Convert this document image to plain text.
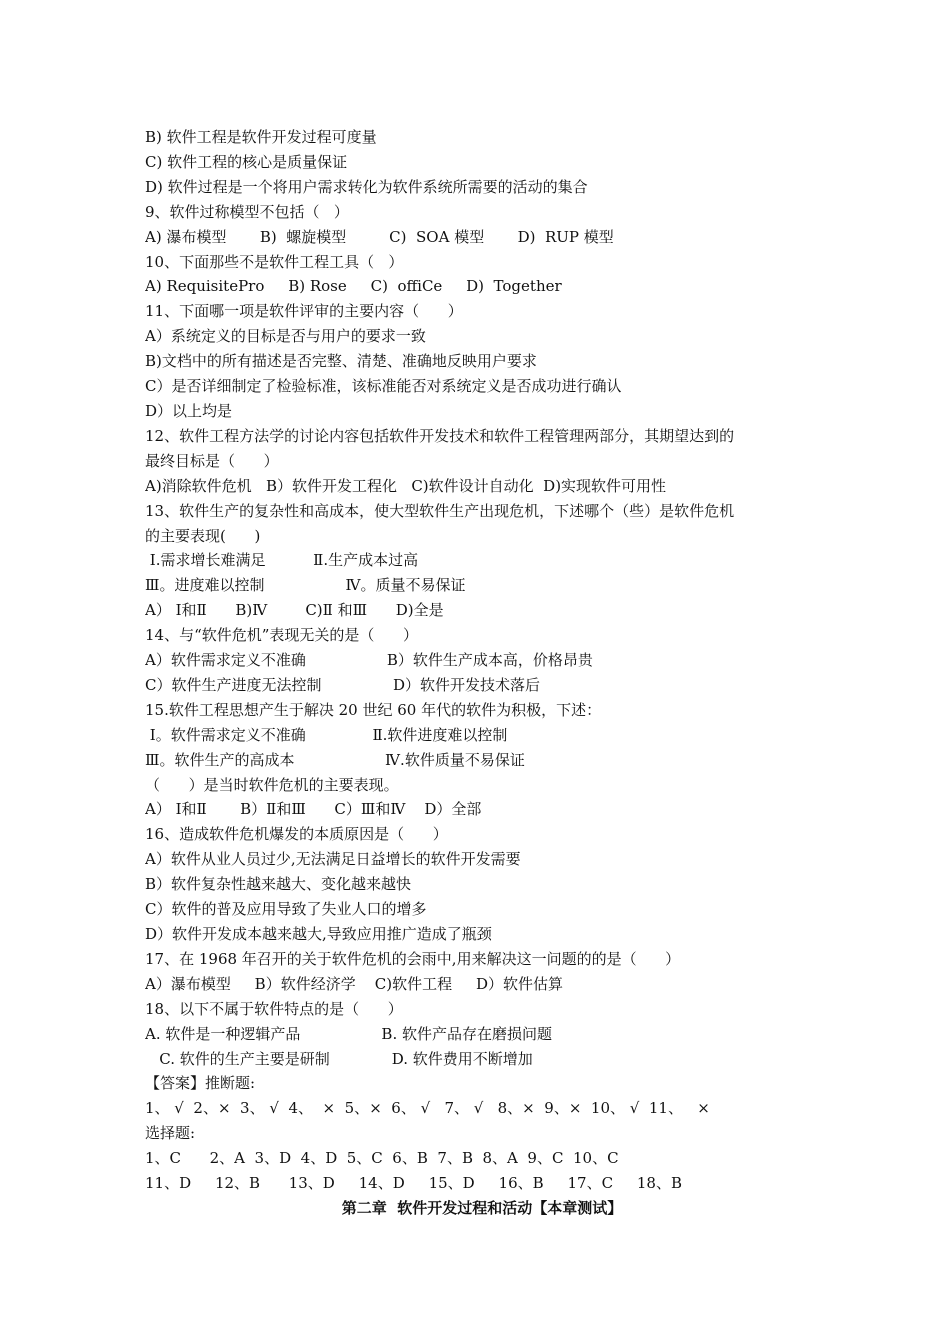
B) 软件工程是软件开发过程可度量
C) 软件工程的核心是质量保证
D) 软件过程是一个将用户需求转化为软件系统所需要的活动的集合
9、软件过称模型不包括（   ）
A) 瀑布模型       B)  螺旋模型         C)  SOA 模型       D)  RUP 模型
10、下面那些不是软件工程工具（   ）
A) RequisitePro     B) Rose     C)  offiCe     D)  Together
11、下面哪一项是软件评审的主要内容（      ）
A）系统定义的目标是否与用户的要求一致
B)文档中的所有描述是否完整、清楚、准确地反映用户要求
C）是否详细制定了检验标准，该标准能否对系统定义是否成功进行确认
D）以上均是
12、软件工程方法学的讨论内容包括软件开发技术和软件工程管理两部分，其期望达到的
最终目标是（      ）
A)消除软件危机   B）软件开发工程化   C)软件设计自动化  D)实现软件可用性
13、软件生产的复杂性和高成本，使大型软件生产出现危机，下述哪个（些）是软件危机
的主要表现(      )
Ⅰ.需求增长难满足          Ⅱ.生产成本过高
Ⅲ。进度难以控制                 Ⅳ。质量不易保证
A） Ⅰ和Ⅱ      B)Ⅳ        C)Ⅱ 和Ⅲ      D)全是
14、与“软件危机”表现无关的是（      ）
A）软件需求定义不准确                 B）软件生产成本高，价格昂贵
C）软件生产进度无法控制               D）软件开发技术落后
15.软件工程思想产生于解决 20 世纪 60 年代的软件为积极，下述：
Ⅰ。软件需求定义不准确              Ⅱ.软件进度难以控制
Ⅲ。软件生产的高成本                   Ⅳ.软件质量不易保证
（      ）是当时软件危机的主要表现。
A） Ⅰ和Ⅱ       B）Ⅱ和Ⅲ      C）Ⅲ和Ⅳ    D）全部
16、造成软件危机爆发的本质原因是（      ）
A）软件从业人员过少,无法满足日益增长的软件开发需要
B）软件复杂性越来越大、变化越来越快
C）软件的普及应用导致了失业人口的增多
D）软件开发成本越来越大,导致应用推广造成了瓶颈
17、在 1968 年召开的关于软件危机的会雨中,用来解决这一问题的的是（      ）
A）瀑布模型     B）软件经济学    C)软件工程     D）软件估算
18、以下不属于软件特点的是（      ）
A. 软件是一种逻辑产品                 B. 软件产品存在磨损问题
C. 软件的生产主要是研制             D. 软件费用不断增加
【答案】推断题:
1、 √  2、×  3、 √  4、  ×  5、×  6、 √   7、 √   8、×  9、×  10、 √  11、   ×
选择题:
1、C      2、A  3、D  4、D  5、C  6、B  7、B  8、A  9、C  10、C
11、D     12、B      13、D     14、D     15、D     16、B     17、C     18、B
第二章  软件开发过程和活动【本章测试】
